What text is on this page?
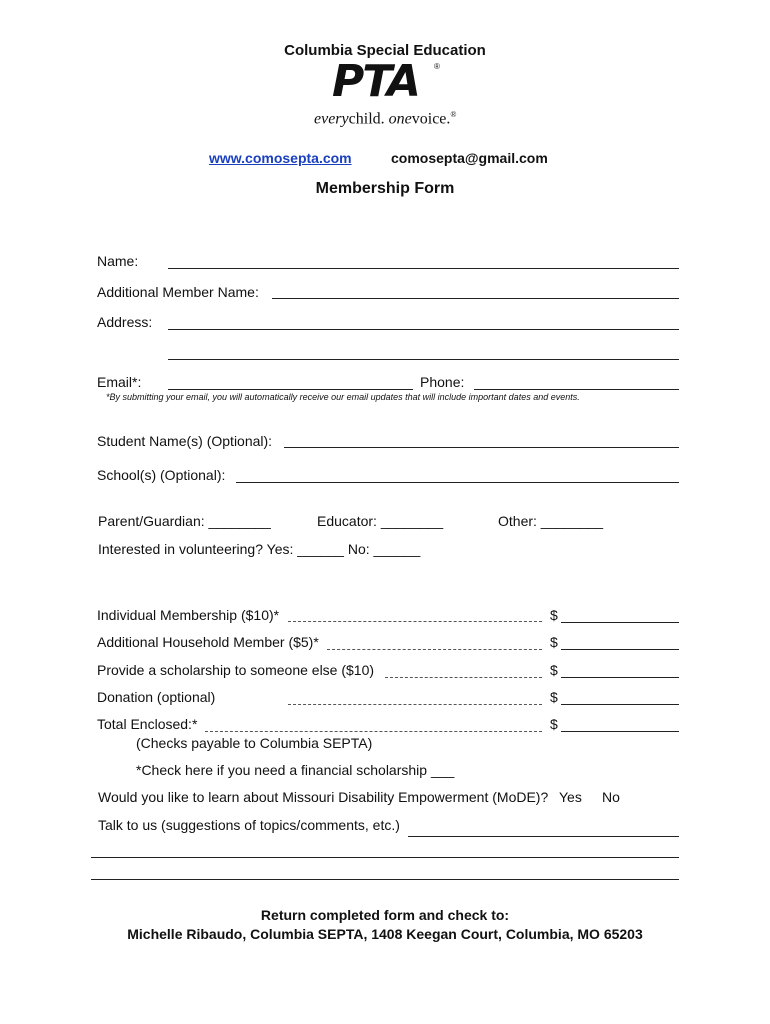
Columbia Special Education
PTA	®
everychild. onevoice.®
www.comosepta.com	comosepta@gmail.com
Membership Form
Name:
Additional Member Name:
Address:
Email*:	Phone:
*By submitting your email, you will automatically receive our email updates that will include important dates and events.
Student Name(s) (Optional):
School(s) (Optional):
Parent/Guardian: ________	Educator: ________	Other: ________
Interested in volunteering? Yes: ______ No: ______
Individual Membership ($10)*	$
Additional Household Member ($5)*	$
Provide a scholarship to someone else ($10)	$
Donation (optional)	$
Total Enclosed:*	$
(Checks payable to Columbia SEPTA)
*Check here if you need a financial scholarship ___
Would you like to learn about Missouri Disability Empowerment (MoDE)? Yes No
Talk to us (suggestions of topics/comments, etc.)
Return completed form and check to:
Michelle Ribaudo, Columbia SEPTA, 1408 Keegan Court, Columbia, MO 65203
